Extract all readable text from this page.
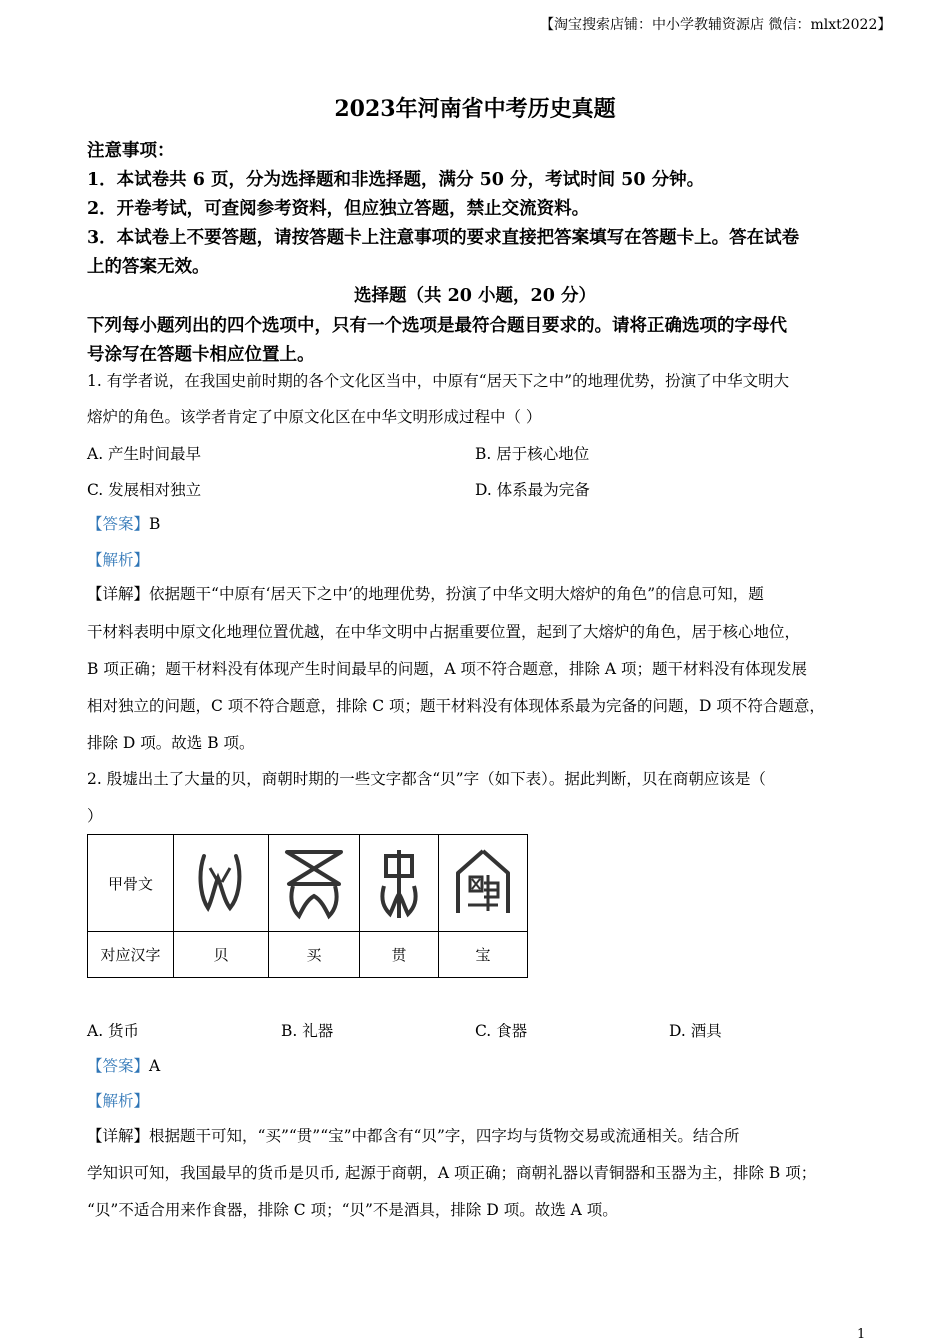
【淘宝搜索店铺：中小学教辅资源店 微信：mlxt2022】
2023年河南省中考历史真题
注意事项：
1．本试卷共 6 页，分为选择题和非选择题，满分 50 分，考试时间 50 分钟。
2．开卷考试，可查阅参考资料，但应独立答题，禁止交流资料。
3．本试卷上不要答题，请按答题卡上注意事项的要求直接把答案填写在答题卡上。答在试卷
上的答案无效。
选择题（共 20 小题，20 分）
下列每小题列出的四个选项中，只有一个选项是最符合题目要求的。请将正确选项的字母代
号涂写在答题卡相应位置上。
1. 有学者说，在我国史前时期的各个文化区当中，中原有“居天下之中”的地理优势，扮演了中华文明大
熔炉的角色。该学者肯定了中原文化区在中华文明形成过程中（ ）
A. 产生时间最早	B. 居于核心地位
C. 发展相对独立	D. 体系最为完备
【答案】B
【解析】
【详解】依据题干“中原有‘居天下之中’的地理优势，扮演了中华文明大熔炉的角色”的信息可知，题
干材料表明中原文化地理位置优越，在中华文明中占据重要位置，起到了大熔炉的角色，居于核心地位，
B 项正确；题干材料没有体现产生时间最早的问题，A 项不符合题意，排除 A 项；题干材料没有体现发展
相对独立的问题，C 项不符合题意，排除 C 项；题干材料没有体现体系最为完备的问题，D 项不符合题意，
排除 D 项。故选 B 项。
2. 殷墟出土了大量的贝，商朝时期的一些文字都含“贝”字（如下表）。据此判断，贝在商朝应该是（
）
甲骨文	

对应汉字	贝	买	贯	宝
A. 货币	B. 礼器	C. 食器	D. 酒具
【答案】A
【解析】
【详解】根据题干可知，“买”“贯”“宝”中都含有“贝”字，四字均与货物交易或流通相关。结合所
学知识可知，我国最早的货币是贝币, 起源于商朝，A 项正确；商朝礼器以青铜器和玉器为主，排除 B 项；
“贝”不适合用来作食器，排除 C 项；“贝”不是酒具，排除 D 项。故选 A 项。
1
